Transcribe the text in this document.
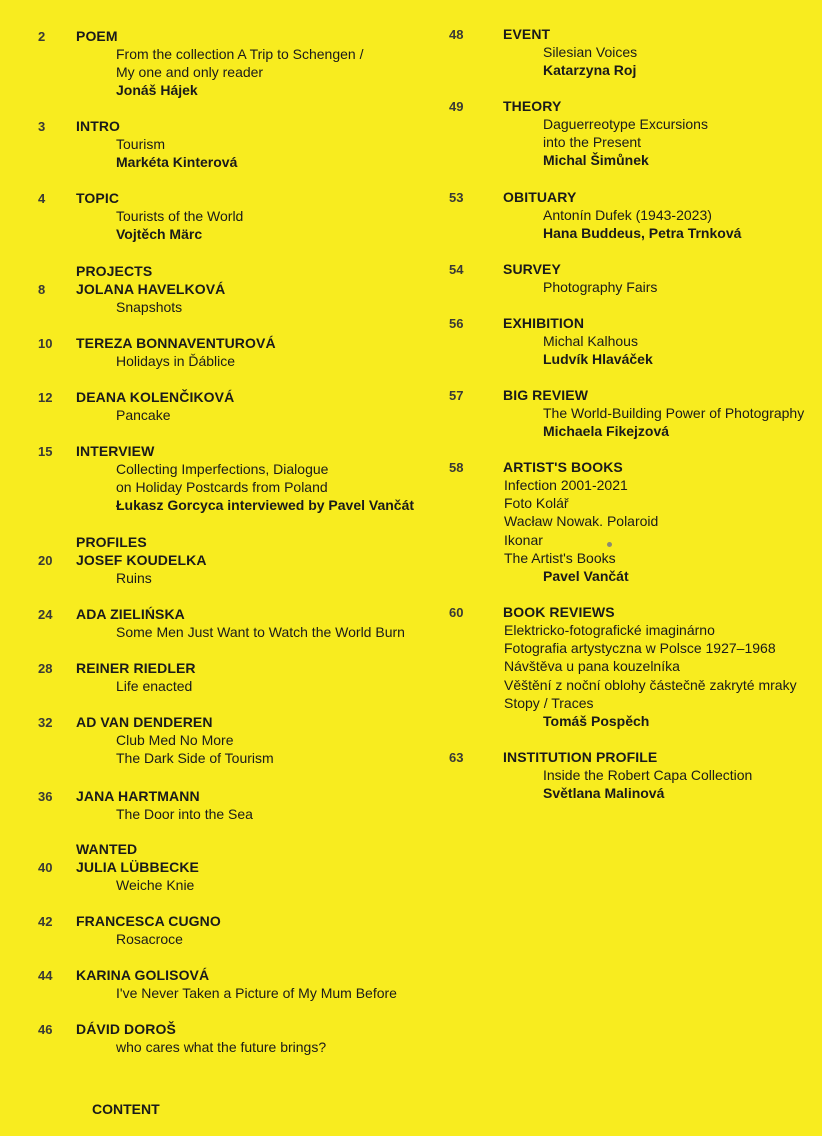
2 POEM
From the collection A Trip to Schengen /
My one and only reader
Jonáš Hájek
3 INTRO
Tourism
Markéta Kinterová
4 TOPIC
Tourists of the World
Vojtěch Märc
PROJECTS
8 JOLANA HAVELKOVÁ
Snapshots
10 TEREZA BONNAVENTUROVÁ
Holidays in Ďáblice
12 DEANA KOLENČIKOVÁ
Pancake
15 INTERVIEW
Collecting Imperfections, Dialogue
on Holiday Postcards from Poland
Łukasz Gorcyca interviewed by Pavel Vančát
PROFILES
20 JOSEF KOUDELKA
Ruins
24 ADA ZIELIŃSKA
Some Men Just Want to Watch the World Burn
28 REINER RIEDLER
Life enacted
32 AD VAN DENDEREN
Club Med No More
The Dark Side of Tourism
36 JANA HARTMANN
The Door into the Sea
WANTED
40 JULIA LÜBBECKE
Weiche Knie
42 FRANCESCA CUGNO
Rosacroce
44 KARINA GOLISOVÁ
I've Never Taken a Picture of My Mum Before
46 DÁVID DOROŠ
who cares what the future brings?
48	EVENT
Silesian Voices
Katarzyna Roj
49	THEORY
Daguerreotype Excursions
into the Present
Michal Šimůnek
53	OBITUARY
Antonín Dufek (1943-2023)
Hana Buddeus, Petra Trnková
54	SURVEY
Photography Fairs
56	EXHIBITION
Michal Kalhous
Ludvík Hlaváček
57	BIG REVIEW
The World-Building Power of Photography
Michaela Fikejzová
58	ARTIST'S BOOKS
Infection 2001-2021
Foto Kolář
Wacław Nowak. Polaroid
Ikonar
The Artist's Books
Pavel Vančát
60	BOOK REVIEWS
Elektricko-fotografické imaginárno
Fotografia artystyczna w Polsce 1927–1968
Návštěva u pana kouzelníka
Věštění z noční oblohy částečně zakryté mraky
Stopy / Traces
Tomáš Pospěch
63	INSTITUTION PROFILE
Inside the Robert Capa Collection
Světlana Malinová
CONTENT
